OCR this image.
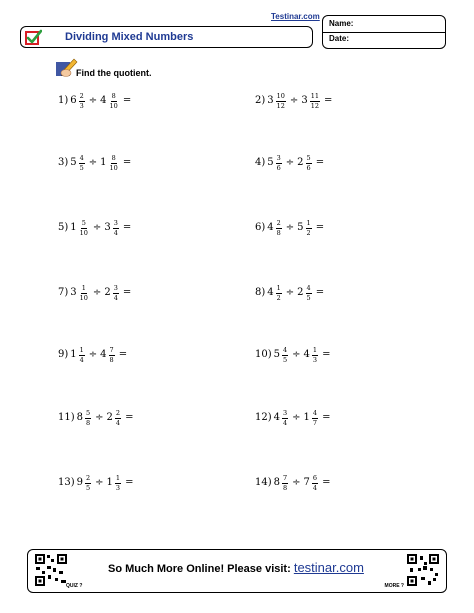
Testinar.com
Dividing Mixed Numbers
Name:
Date:
Find the quotient.
1) $6 \frac{2}{3} \div 4 \frac{8}{10}$ =	2) $3 \frac{10}{12} \div 3 \frac{11}{12}$ =
3) $5 \frac{4}{5} \div 1 \frac{8}{10}$ =	4) $5 \frac{3}{6} \div 2 \frac{5}{6}$ =
5) $1 \frac{5}{10} \div 3 \frac{3}{4}$ =	6) $4 \frac{2}{8} \div 5 \frac{1}{2}$ =
7) $3 \frac{1}{10} \div 2 \frac{3}{4}$ =	8) $4 \frac{1}{2} \div 2 \frac{4}{5}$ =
9) $1 \frac{1}{4} \div 4 \frac{7}{8}$ =	10) $5 \frac{4}{5} \div 4 \frac{1}{3}$ =
11) $8 \frac{5}{8} \div 2 \frac{2}{4}$ =	12) $4 \frac{3}{4} \div 1 \frac{4}{7}$ =
13) $9 \frac{2}{5} \div 1 \frac{1}{3}$ =	14) $8 \frac{7}{8} \div 7 \frac{6}{4}$ =
So Much More Online! Please visit: testinar.com
QUIZ ?	MORE ?
